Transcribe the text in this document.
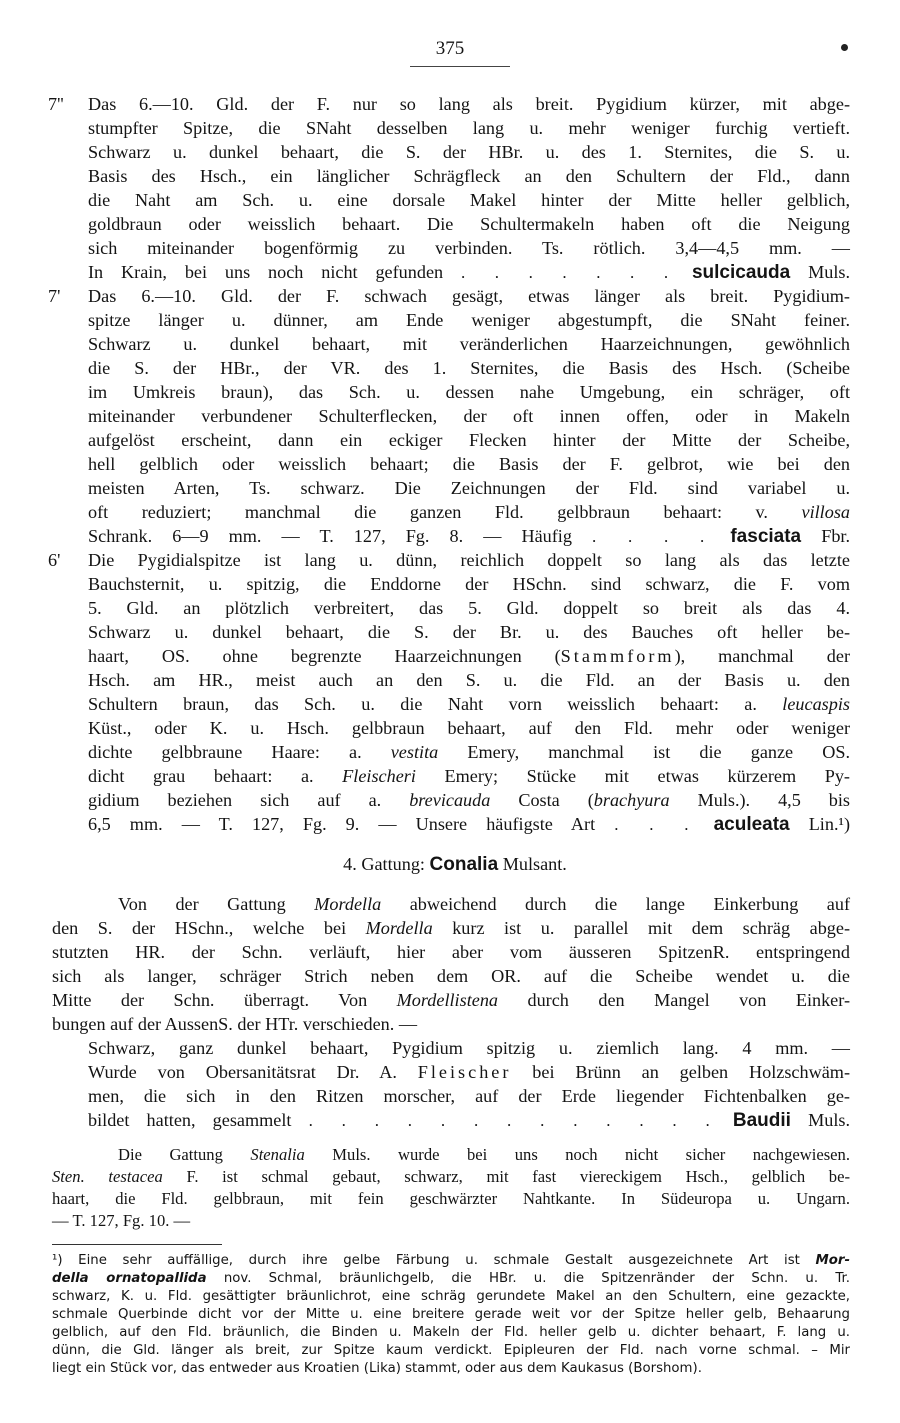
375
7''	Das 6.—10. Gld. der F. nur so lang als breit. Pygidium kürzer, mit abge-
stumpfter Spitze, die SNaht desselben lang u. mehr weniger furchig vertieft.
Schwarz u. dunkel behaart, die S. der HBr. u. des 1. Sternites, die S. u.
Basis des Hsch., ein länglicher Schrägfleck an den Schultern der Fld., dann
die Naht am Sch. u. eine dorsale Makel hinter der Mitte heller gelblich,
goldbraun oder weisslich behaart. Die Schultermakeln haben oft die Neigung
sich miteinander bogenförmig zu verbinden. Ts. rötlich. 3,4—4,5 mm. —
In Krain, bei uns noch nicht gefunden . . . . . . . sulcicauda Muls.
7'	Das 6.—10. Gld. der F. schwach gesägt, etwas länger als breit. Pygidium-
spitze länger u. dünner, am Ende weniger abgestumpft, die SNaht feiner.
Schwarz u. dunkel behaart, mit veränderlichen Haarzeichnungen, gewöhnlich
die S. der HBr., der VR. des 1. Sternites, die Basis des Hsch. (Scheibe
im Umkreis braun), das Sch. u. dessen nahe Umgebung, ein schräger, oft
miteinander verbundener Schulterflecken, der oft innen offen, oder in Makeln
aufgelöst erscheint, dann ein eckiger Flecken hinter der Mitte der Scheibe,
hell gelblich oder weisslich behaart; die Basis der F. gelbrot, wie bei den
meisten Arten, Ts. schwarz. Die Zeichnungen der Fld. sind variabel u.
oft reduziert; manchmal die ganzen Fld. gelbbraun behaart: v. villosa
Schrank. 6—9 mm. — T. 127, Fg. 8. — Häufig . . . . fasciata Fbr.
6'	Die Pygidialspitze ist lang u. dünn, reichlich doppelt so lang als das letzte
Bauchsternit, u. spitzig, die Enddorne der HSchn. sind schwarz, die F. vom
5. Gld. an plötzlich verbreitert, das 5. Gld. doppelt so breit als das 4.
Schwarz u. dunkel behaart, die S. der Br. u. des Bauches oft heller be-
haart, OS. ohne begrenzte Haarzeichnungen (Stammform), manchmal der
Hsch. am HR., meist auch an den S. u. die Fld. an der Basis u. den
Schultern braun, das Sch. u. die Naht vorn weisslich behaart: a. leucaspis
Küst., oder K. u. Hsch. gelbbraun behaart, auf den Fld. mehr oder weniger
dichte gelbbraune Haare: a. vestita Emery, manchmal ist die ganze OS.
dicht grau behaart: a. Fleischeri Emery; Stücke mit etwas kürzerem Py-
gidium beziehen sich auf a. brevicauda Costa (brachyura Muls.). 4,5 bis
6,5 mm. — T. 127, Fg. 9. — Unsere häufigste Art . . . aculeata Lin.¹)
4. Gattung: Conalia Mulsant.
Von der Gattung Mordella abweichend durch die lange Einkerbung auf
den S. der HSchn., welche bei Mordella kurz ist u. parallel mit dem schräg abge-
stutzten HR. der Schn. verläuft, hier aber vom äusseren SpitzenR. entspringend
sich als langer, schräger Strich neben dem OR. auf die Scheibe wendet u. die
Mitte der Schn. überragt. Von Mordellistena durch den Mangel von Einker-
bungen auf der AussenS. der HTr. verschieden. —
Schwarz, ganz dunkel behaart, Pygidium spitzig u. ziemlich lang. 4 mm. —
Wurde von Obersanitätsrat Dr. A. Fleischer bei Brünn an gelben Holzschwäm-
men, die sich in den Ritzen morscher, auf der Erde liegender Fichtenbalken ge-
bildet hatten, gesammelt . . . . . . . . . . . . . Baudii Muls.
Die Gattung Stenalia Muls. wurde bei uns noch nicht sicher nachgewiesen.
Sten. testacea F. ist schmal gebaut, schwarz, mit fast viereckigem Hsch., gelblich be-
haart, die Fld. gelbbraun, mit fein geschwärzter Nahtkante. In Südeuropa u. Ungarn.
— T. 127, Fg. 10. —
¹) Eine sehr auffällige, durch ihre gelbe Färbung u. schmale Gestalt ausgezeichnete Art ist Mor-
della ornatopallida nov. Schmal, bräunlichgelb, die HBr. u. die Spitzenränder der Schn. u. Tr.
schwarz, K. u. Fld. gesättigter bräunlichrot, eine schräg gerundete Makel an den Schultern, eine gezackte,
schmale Querbinde dicht vor der Mitte u. eine breitere gerade weit vor der Spitze heller gelb, Behaarung
gelblich, auf den Fld. bräunlich, die Binden u. Makeln der Fld. heller gelb u. dichter behaart, F. lang u.
dünn, die Gld. länger als breit, zur Spitze kaum verdickt. Epipleuren der Fld. nach vorne schmal. – Mir
liegt ein Stück vor, das entweder aus Kroatien (Lika) stammt, oder aus dem Kaukasus (Borshom).
